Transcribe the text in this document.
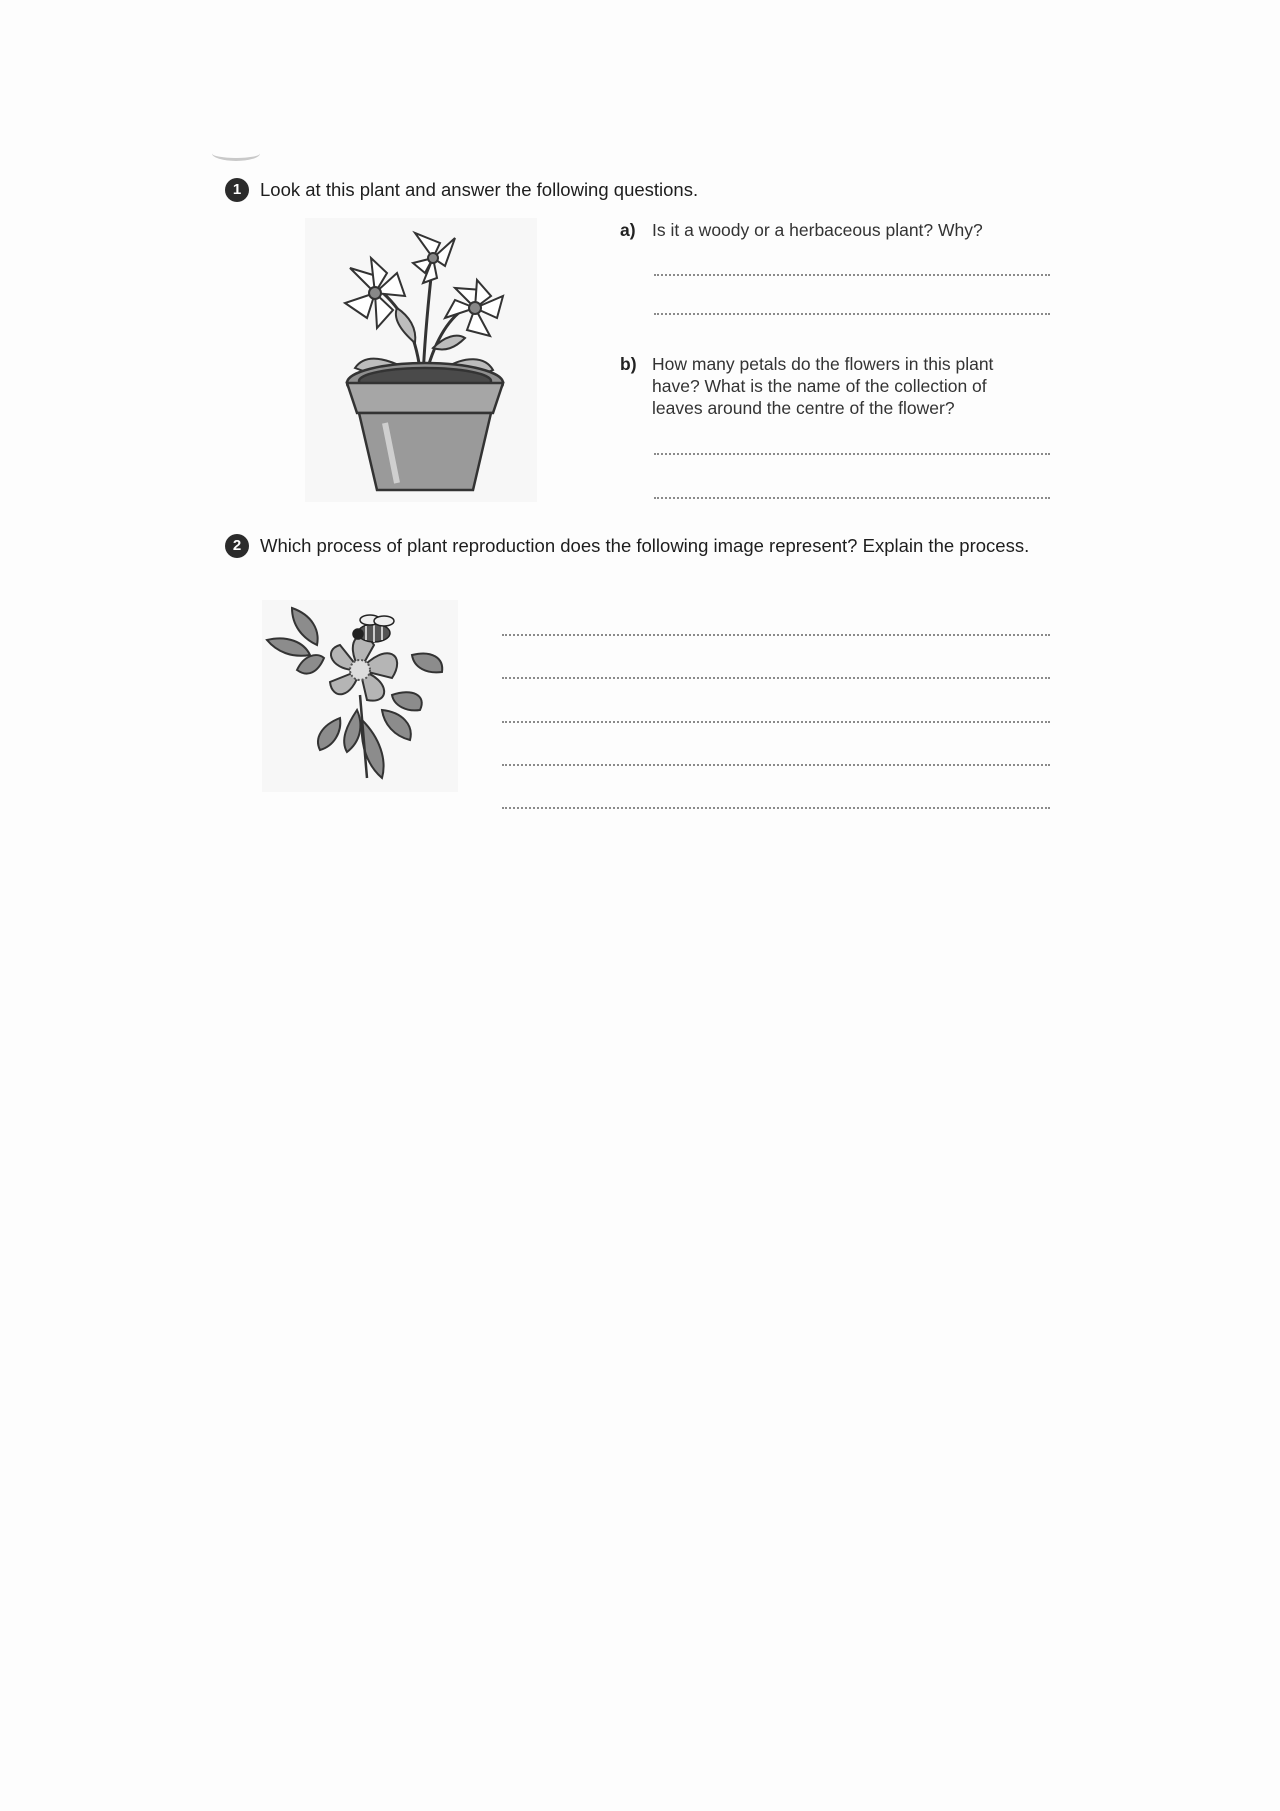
1	Look at this plant and answer the following questions.
a) Is it a woody or a herbaceous plant? Why?
b) How many petals do the flowers in this plant have? What is the name of the collection of leaves around the centre of the flower?
2	Which process of plant reproduction does the following image represent? Explain the process.
